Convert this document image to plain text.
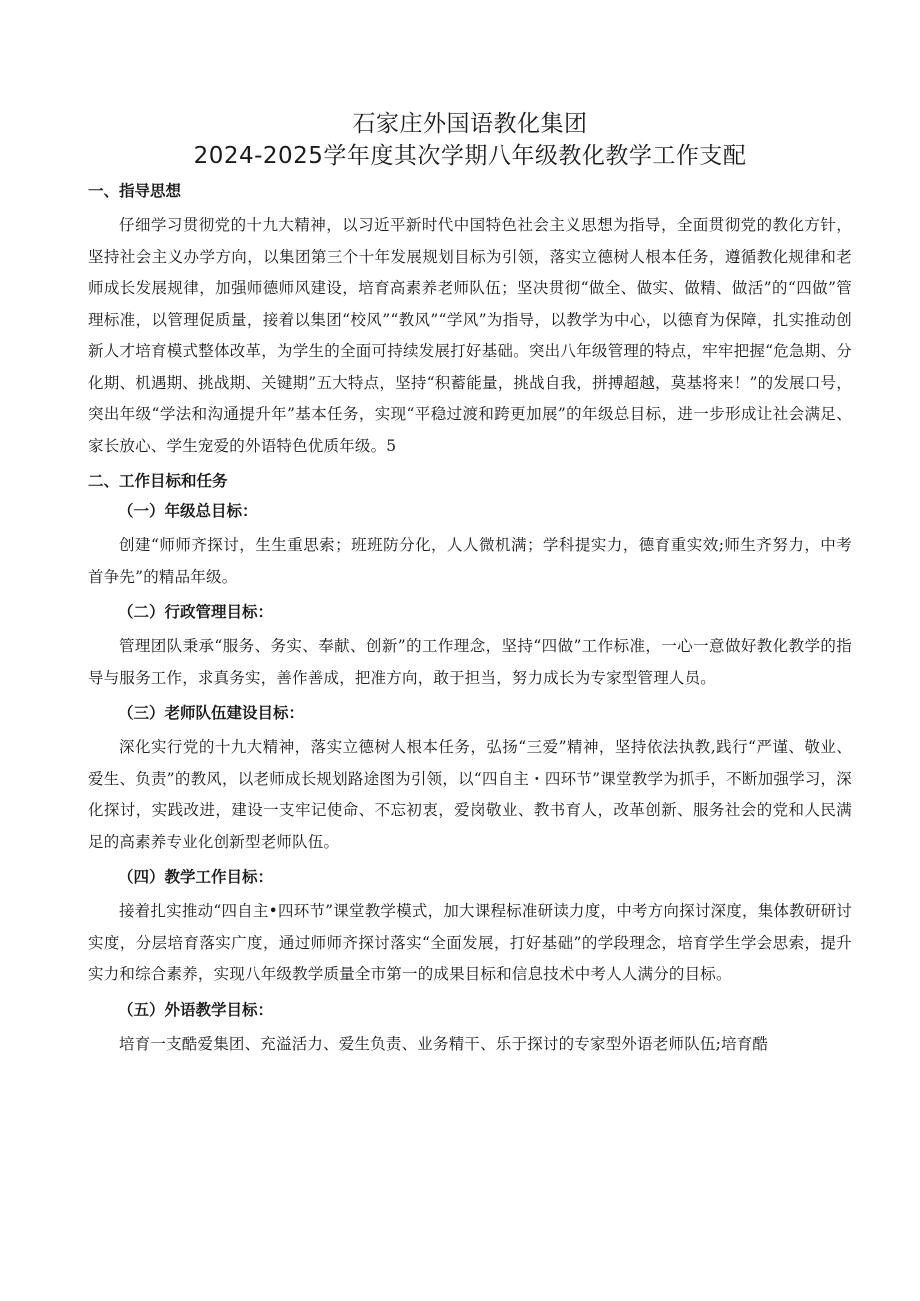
石家庄外国语教化集团
2024-2025学年度其次学期八年级教化教学工作支配
一、指导思想

仔细学习贯彻党的十九大精神，以习近平新时代中国特色社会主义思想为指导，全面贯彻党的教化方针，坚持社会主义办学方向，以集团第三个十年发展规划目标为引领，落实立德树人根本任务，遵循教化规律和老师成长发展规律，加强师德师风建设，培育高素养老师队伍；坚决贯彻“做全、做实、做精、做活”的“四做”管理标准，以管理促质量，接着以集团“校风”“教风”“学风”为指导，以教学为中心，以德育为保障，扎实推动创新人才培育模式整体改革，为学生的全面可持续发展打好基础。突出八年级管理的特点，牢牢把握“危急期、分化期、机遇期、挑战期、关键期”五大特点，坚持“积蓄能量，挑战自我，拼搏超越，莫基将来！”的发展口号，突出年级“学法和沟通提升年”基本任务，实现“平稳过渡和跨更加展”的年级总目标，进一步形成让社会满足、家长放心、学生宠爱的外语特色优质年级。5

二、工作目标和任务
（一）年级总目标：

创建“师师齐探讨，生生重思索；班班防分化，人人微机满；学科提实力，德育重实效;师生齐努力，中考首争先”的精品年级。

（二）行政管理目标：

管理团队秉承“服务、务实、奉献、创新”的工作理念，坚持“四做”工作标准，一心一意做好教化教学的指导与服务工作，求真务实，善作善成，把准方向，敢于担当，努力成长为专家型管理人员。

（三）老师队伍建设目标：

深化实行党的十九大精神，落实立德树人根本任务，弘扬“三爱”精神，坚持依法执教,践行“严谨、敬业、爱生、负责”的教风，以老师成长规划路途图为引领，以“四自主・四环节”课堂教学为抓手，不断加强学习，深化探讨，实践改进，建设一支牢记使命、不忘初衷，爱岗敬业、教书育人，改革创新、服务社会的党和人民满足的高素养专业化创新型老师队伍。

（四）教学工作目标：

接着扎实推动“四自主•四环节”课堂教学模式，加大课程标准研读力度，中考方向探讨深度，集体教研研讨实度，分层培育落实广度，通过师师齐探讨落实“全面发展，打好基础”的学段理念，培育学生学会思索，提升实力和综合素养，实现八年级教学质量全市第一的成果目标和信息技术中考人人满分的目标。

（五）外语教学目标：

培育一支酷爱集团、充溢活力、爱生负责、业务精干、乐于探讨的专家型外语老师队伍;培育酷
